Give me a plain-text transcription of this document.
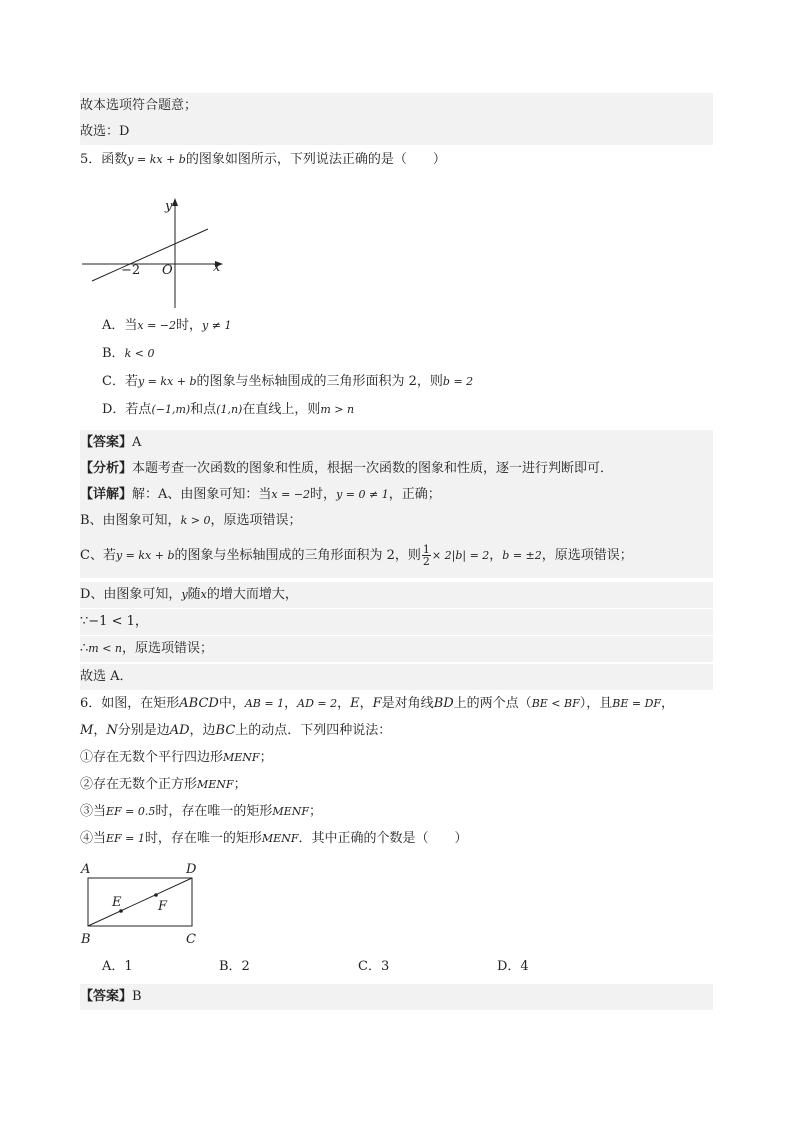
故本选项符合题意；
故选：D
5．函数y = kx + b的图象如图所示，下列说法正确的是（　　）
y
x
O
−2
A．当x = −2时，y ≠ 1
B．k < 0
C．若y = kx + b的图象与坐标轴围成的三角形面积为 2，则b = 2
D．若点(−1,m)和点(1,n)在直线上，则m > n
【答案】A
【分析】本题考查一次函数的图象和性质，根据一次函数的图象和性质，逐一进行判断即可．
【详解】解：A、由图象可知：当x = −2时，y = 0 ≠ 1，正确；
B、由图象可知，k > 0，原选项错误；
C、若y = kx + b的图象与坐标轴围成的三角形面积为 2，则 $\frac{1}{2} \times 2|b| = 2$，b = ±2，原选项错误；
D、由图象可知，y随x的增大而增大，
∵−1 < 1，
∴m < n，原选项错误；
故选 A．
6．如图，在矩形ABCD中，AB = 1，AD = 2，E，F是对角线BD上的两个点（BE < BF），且BE = DF，
M，N分别是边AD，边BC上的动点．下列四种说法：
①存在无数个平行四边形MENF；
②存在无数个正方形MENF；
③当EF = 0.5时，存在唯一的矩形MENF；
④当EF = 1时，存在唯一的矩形MENF．其中正确的个数是（　　）
A	D
B	C
E	F
A．1	B．2	C．3	D．4
【答案】B
